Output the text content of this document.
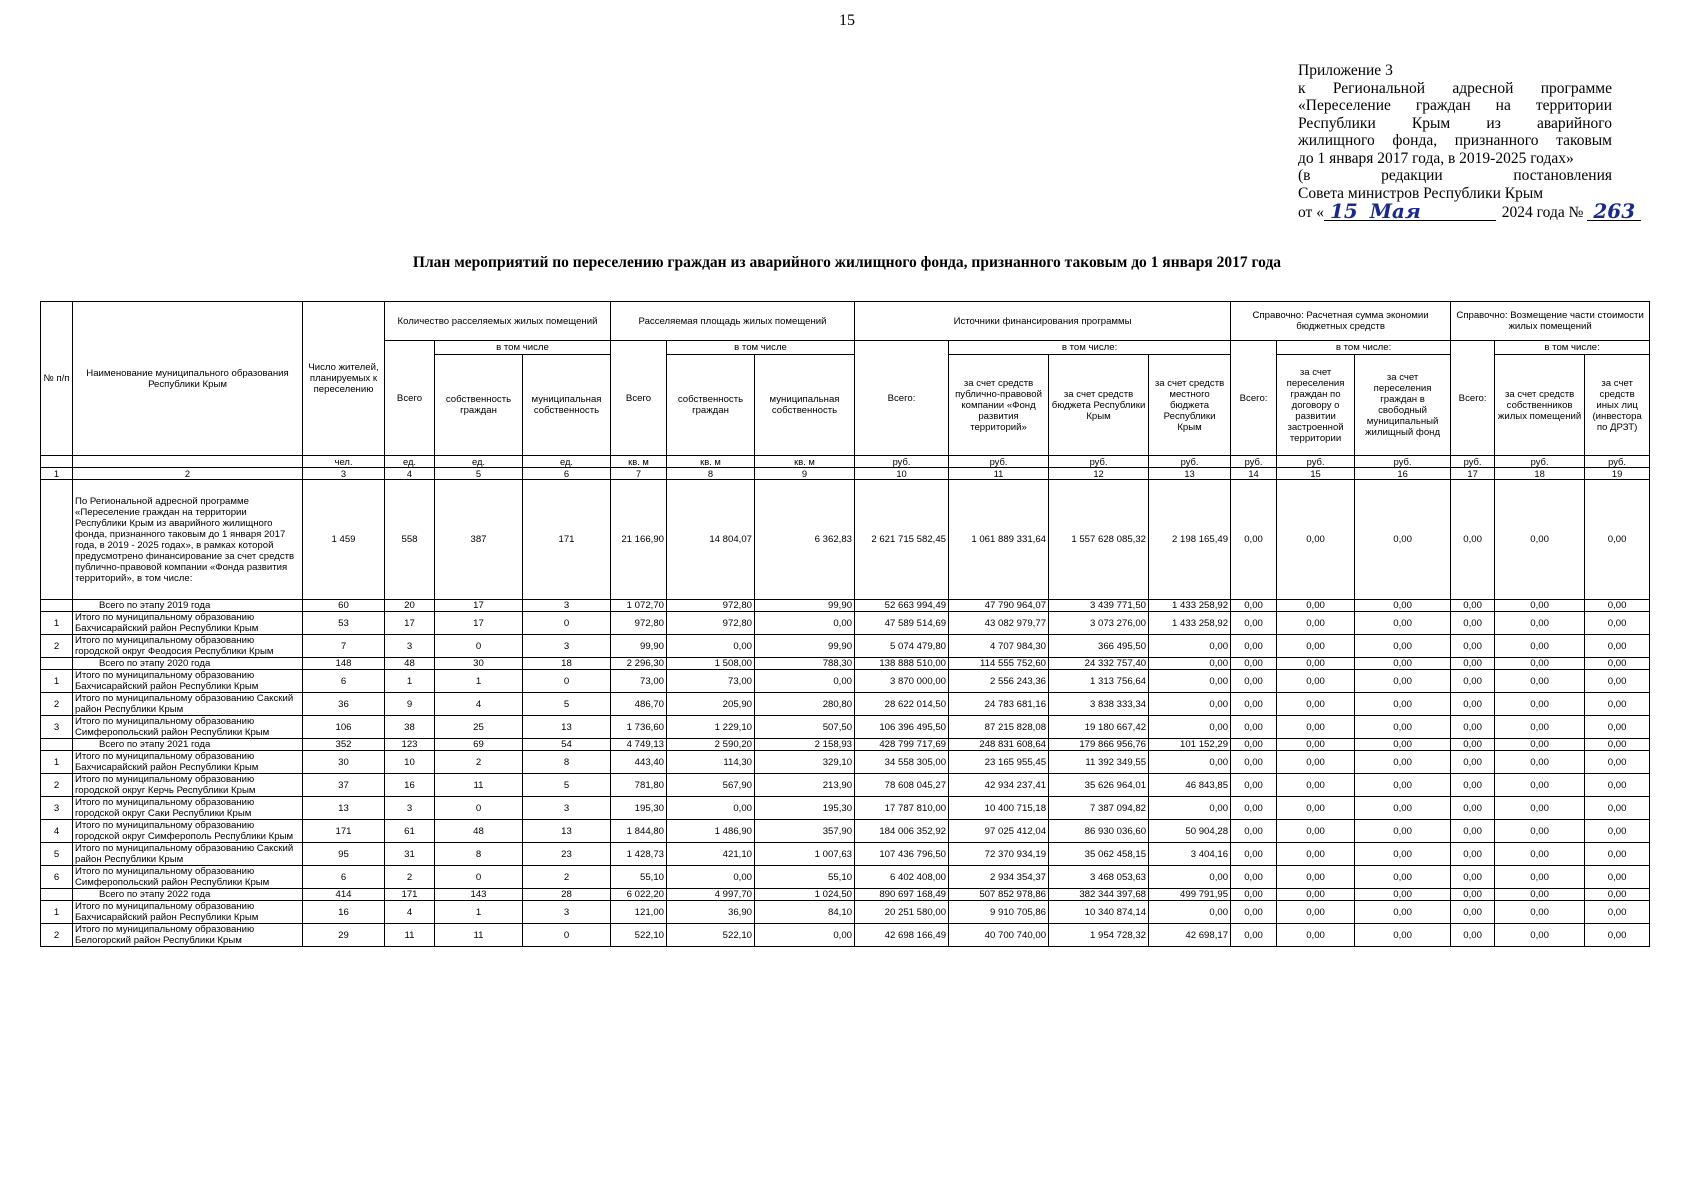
15
Приложение 3
к Региональной адресной программе
«Переселение граждан на территории
Республики Крым из аварийного
жилищного фонда, признанного таковым
до 1 января 2017 года, в 2019-2025 годах»
(в редакции постановления
Совета министров Республики Крым
от « 15 Мая	2024 года № 263
План мероприятий по переселению граждан из аварийного жилищного фонда, признанного таковым до 1 января 2017 года
№ п/п	Наименование муниципального образования Республики Крым	Число жителей, планируемых к переселению	Количество расселяемых жилых помещений			Расселяемая площадь жилых помещений			Источники финансирования программы				Справочно: Расчетная сумма экономии бюджетных средств			Справочно: Возмещение части стоимости жилых помещений		
			Всего	в том числе		Всего	в том числе		Всего:	в том числе:			Всего:	в том числе:		Всего:	в том числе:	
				собственность граждан	муниципальная собственность		собственность граждан	муниципальная собственность		за счет средств публично-правовой компании «Фонд развития территорий»	за счет средств бюджета Республики Крым	за счет средств местного бюджета Республики Крым		за счет переселения граждан по договору о развитии застроенной территории	за счет переселения граждан в свободный муниципальный жилищный фонд		за счет средств собственников жилых помещений	за счет средств иных лиц (инвестора по ДРЗТ)
		чел.	ед.	ед.	ед.	кв. м	кв. м	кв. м	руб.	руб.	руб.	руб.	руб.	руб.	руб.	руб.	руб.	руб.
1	2	3	4	5	6	7	8	9	10	11	12	13	14	15	16	17	18	19
	По Региональной адресной программе «Переселение граждан на территории Республики Крым из аварийного жилищного фонда, признанного таковым до 1 января 2017 года, в 2019 - 2025 годах», в рамках которой предусмотрено финансирование за счет средств публично-правовой компании «Фонда развития территорий», в том числе:	1 459	558	387	171	21 166,90	14 804,07	6 362,83	2 621 715 582,45	1 061 889 331,64	1 557 628 085,32	2 198 165,49	0,00	0,00	0,00	0,00	0,00	0,00
	Всего по этапу 2019 года	60	20	17	3	1 072,70	972,80	99,90	52 663 994,49	47 790 964,07	3 439 771,50	1 433 258,92	0,00	0,00	0,00	0,00	0,00	0,00
1	Итого по муниципальному образованию Бахчисарайский район Республики Крым	53	17	17	0	972,80	972,80	0,00	47 589 514,69	43 082 979,77	3 073 276,00	1 433 258,92	0,00	0,00	0,00	0,00	0,00	0,00
2	Итого по муниципальному образованию городской округ Феодосия Республики Крым	7	3	0	3	99,90	0,00	99,90	5 074 479,80	4 707 984,30	366 495,50	0,00	0,00	0,00	0,00	0,00	0,00	0,00
	Всего по этапу 2020 года	148	48	30	18	2 296,30	1 508,00	788,30	138 888 510,00	114 555 752,60	24 332 757,40	0,00	0,00	0,00	0,00	0,00	0,00	0,00
1	Итого по муниципальному образованию Бахчисарайский район Республики Крым	6	1	1	0	73,00	73,00	0,00	3 870 000,00	2 556 243,36	1 313 756,64	0,00	0,00	0,00	0,00	0,00	0,00	0,00
2	Итого по муниципальному образованию Сакский район Республики Крым	36	9	4	5	486,70	205,90	280,80	28 622 014,50	24 783 681,16	3 838 333,34	0,00	0,00	0,00	0,00	0,00	0,00	0,00
3	Итого по муниципальному образованию Симферопольский район Республики Крым	106	38	25	13	1 736,60	1 229,10	507,50	106 396 495,50	87 215 828,08	19 180 667,42	0,00	0,00	0,00	0,00	0,00	0,00	0,00
	Всего по этапу 2021 года	352	123	69	54	4 749,13	2 590,20	2 158,93	428 799 717,69	248 831 608,64	179 866 956,76	101 152,29	0,00	0,00	0,00	0,00	0,00	0,00
1	Итого по муниципальному образованию Бахчисарайский район Республики Крым	30	10	2	8	443,40	114,30	329,10	34 558 305,00	23 165 955,45	11 392 349,55	0,00	0,00	0,00	0,00	0,00	0,00	0,00
2	Итого по муниципальному образованию городской округ Керчь Республики Крым	37	16	11	5	781,80	567,90	213,90	78 608 045,27	42 934 237,41	35 626 964,01	46 843,85	0,00	0,00	0,00	0,00	0,00	0,00
3	Итого по муниципальному образованию городской округ Саки Республики Крым	13	3	0	3	195,30	0,00	195,30	17 787 810,00	10 400 715,18	7 387 094,82	0,00	0,00	0,00	0,00	0,00	0,00	0,00
4	Итого по муниципальному образованию городской округ Симферополь Республики Крым	171	61	48	13	1 844,80	1 486,90	357,90	184 006 352,92	97 025 412,04	86 930 036,60	50 904,28	0,00	0,00	0,00	0,00	0,00	0,00
5	Итого по муниципальному образованию Сакский район Республики Крым	95	31	8	23	1 428,73	421,10	1 007,63	107 436 796,50	72 370 934,19	35 062 458,15	3 404,16	0,00	0,00	0,00	0,00	0,00	0,00
6	Итого по муниципальному образованию Симферопольский район Республики Крым	6	2	0	2	55,10	0,00	55,10	6 402 408,00	2 934 354,37	3 468 053,63	0,00	0,00	0,00	0,00	0,00	0,00	0,00
	Всего по этапу 2022 года	414	171	143	28	6 022,20	4 997,70	1 024,50	890 697 168,49	507 852 978,86	382 344 397,68	499 791,95	0,00	0,00	0,00	0,00	0,00	0,00
1	Итого по муниципальному образованию Бахчисарайский район Республики Крым	16	4	1	3	121,00	36,90	84,10	20 251 580,00	9 910 705,86	10 340 874,14	0,00	0,00	0,00	0,00	0,00	0,00	0,00
2	Итого по муниципальному образованию Белогорский район Республики Крым	29	11	11	0	522,10	522,10	0,00	42 698 166,49	40 700 740,00	1 954 728,32	42 698,17	0,00	0,00	0,00	0,00	0,00	0,00
